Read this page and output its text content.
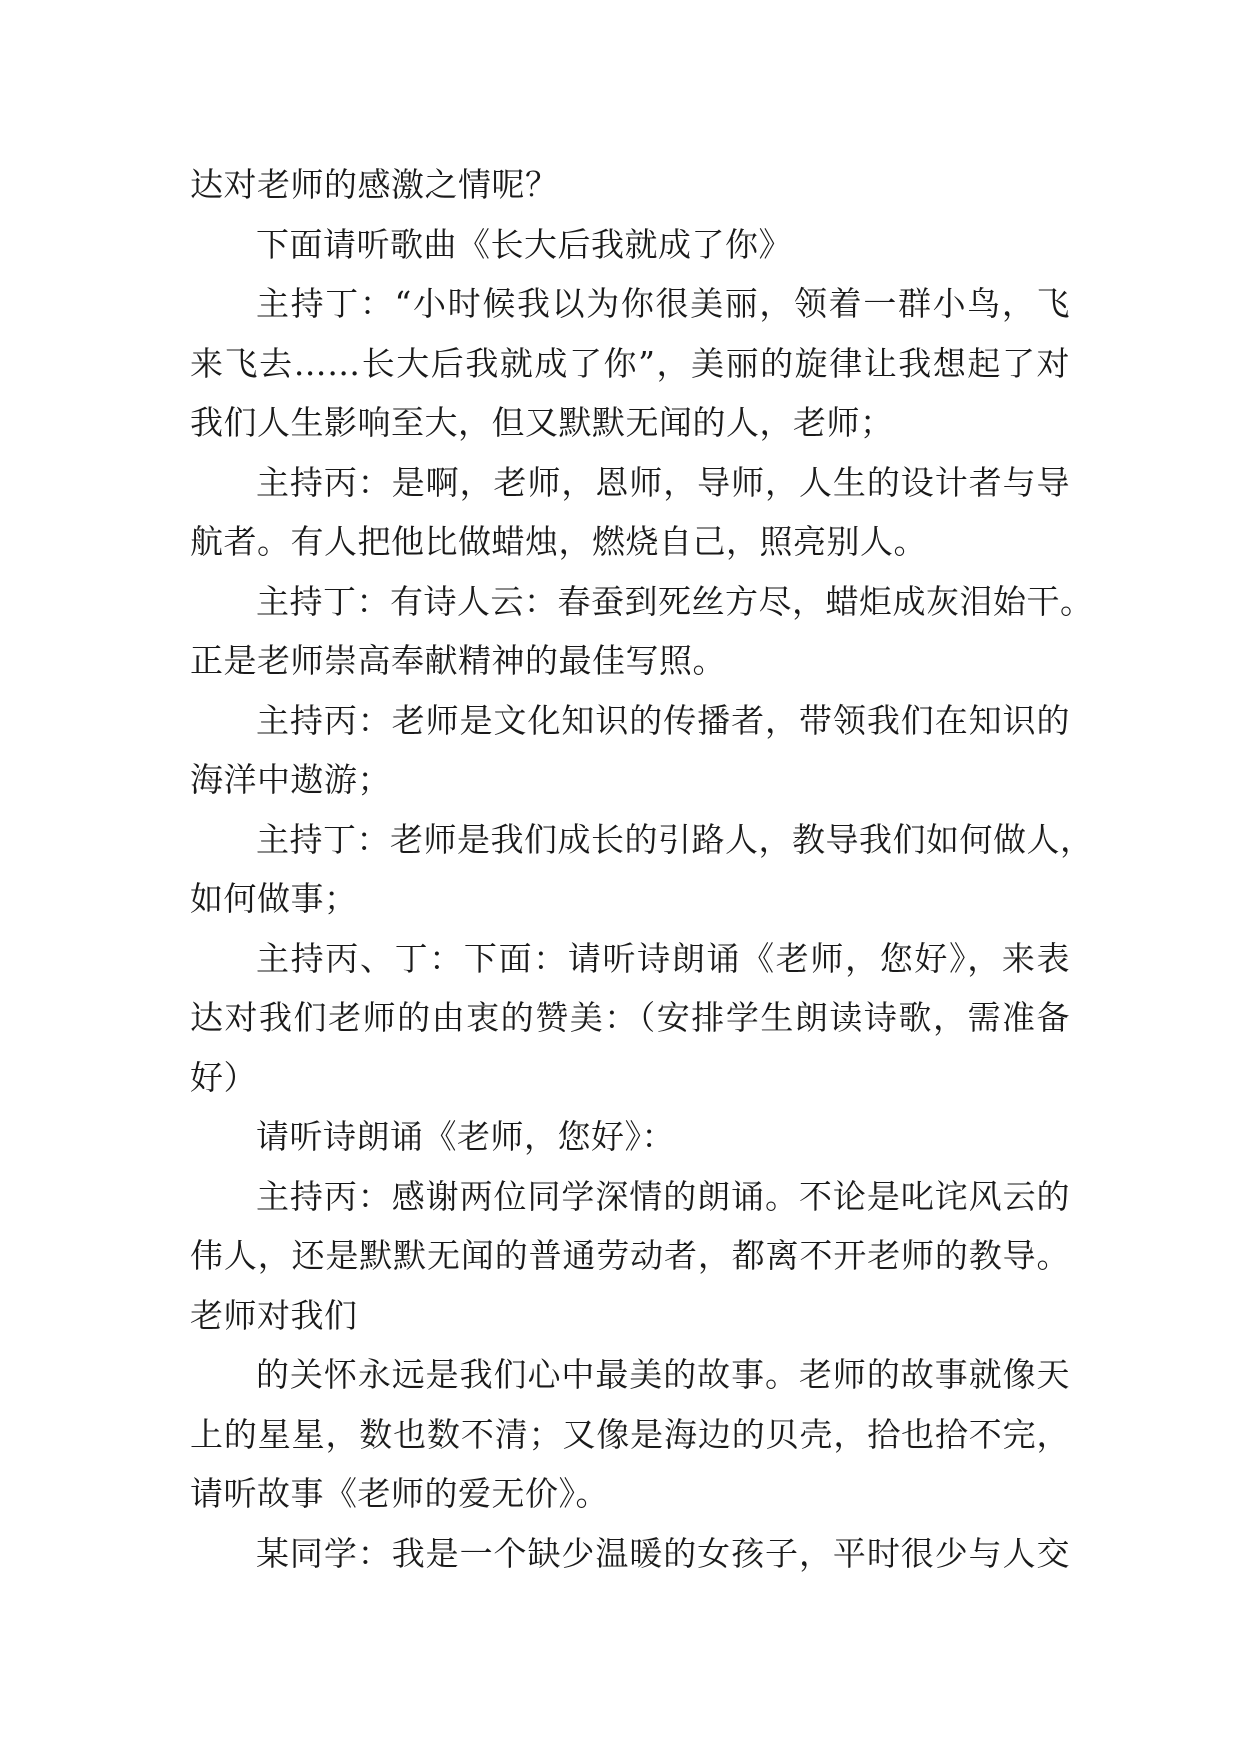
达对老师的感激之情呢？
下面请听歌曲《长大后我就成了你》
主持丁：“小时候我以为你很美丽，领着一群小鸟，飞
来飞去……长大后我就成了你”，美丽的旋律让我想起了对
我们人生影响至大，但又默默无闻的人，老师；
主持丙：是啊，老师，恩师，导师，人生的设计者与导
航者。有人把他比做蜡烛，燃烧自己，照亮别人。
主持丁：有诗人云：春蚕到死丝方尽，蜡炬成灰泪始干。
正是老师崇高奉献精神的最佳写照。
主持丙：老师是文化知识的传播者，带领我们在知识的
海洋中遨游；
主持丁：老师是我们成长的引路人，教导我们如何做人，
如何做事；
主持丙、丁：下面：请听诗朗诵《老师，您好》，来表
达对我们老师的由衷的赞美：（安排学生朗读诗歌，需准备
好）
请听诗朗诵《老师，您好》：
主持丙：感谢两位同学深情的朗诵。不论是叱诧风云的
伟人，还是默默无闻的普通劳动者，都离不开老师的教导。
老师对我们
的关怀永远是我们心中最美的故事。老师的故事就像天
上的星星，数也数不清；又像是海边的贝壳，拾也拾不完，
请听故事《老师的爱无价》。
某同学：我是一个缺少温暖的女孩子，平时很少与人交
